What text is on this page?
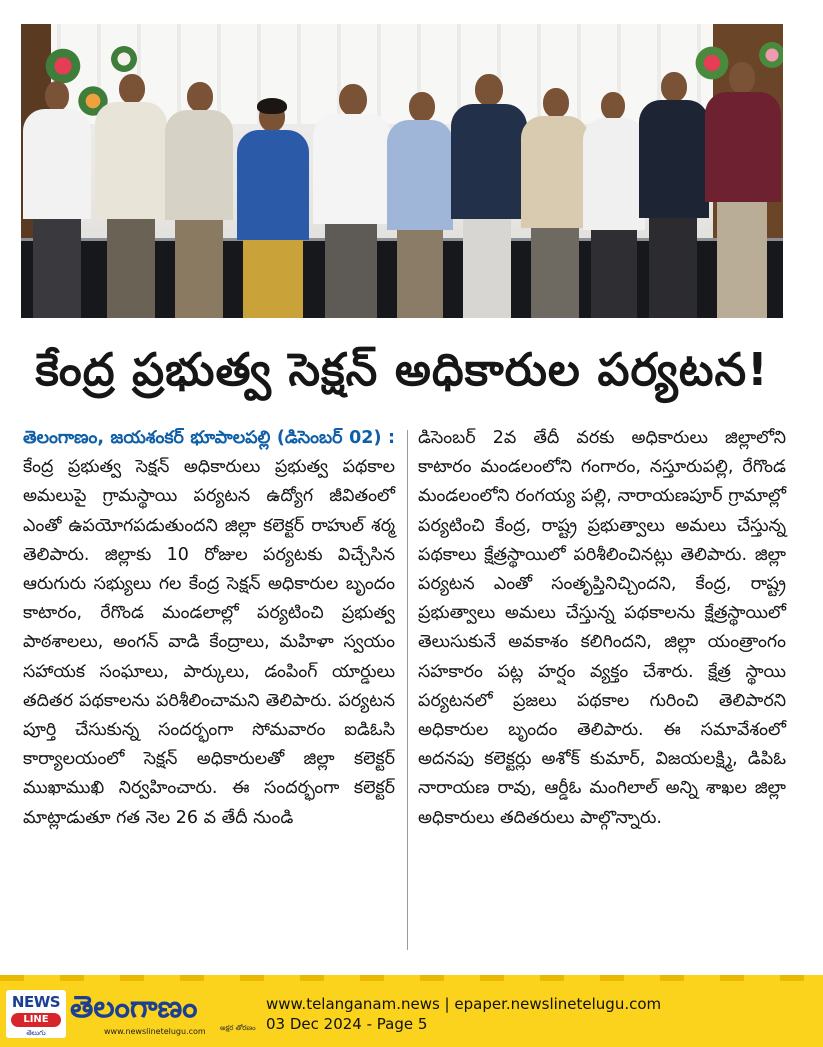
కేంద్ర ప్రభుత్వ సెక్షన్ అధికారుల పర్యటన!

తెలంగాణం, జయశంకర్ భూపాలపల్లి (డిసెంబర్ 02) : కేంద్ర ప్రభుత్వ సెక్షన్ అధికారులు ప్రభుత్వ పథకాల అమలుపై గ్రామస్థాయి పర్యటన ఉద్యోగ జీవితంలో ఎంతో ఉపయోగపడుతుందని జిల్లా కలెక్టర్ రాహుల్ శర్మ తెలిపారు. జిల్లాకు 10 రోజుల పర్యటకు విచ్చేసిన ఆరుగురు సభ్యులు గల కేంద్ర సెక్షన్ అధికారుల బృందం కాటారం, రేగొండ మండలాల్లో పర్యటించి ప్రభుత్వ పాఠశాలలు, అంగన్ వాడి కేంద్రాలు, మహిళా స్వయం సహాయక సంఘాలు, పార్కులు, డంపింగ్ యార్డులు తదితర పథకాలను పరిశీలించామని తెలిపారు. పర్యటన పూర్తి చేసుకున్న సందర్భంగా సోమవారం ఐడిఓసి కార్యాలయంలో సెక్షన్ అధికారులతో జిల్లా కలెక్టర్ ముఖాముఖి నిర్వహించారు. ఈ సందర్భంగా కలెక్టర్ మాట్లాడుతూ గత నెల 26 వ తేదీ నుండి

డిసెంబర్ 2వ తేదీ వరకు అధికారులు జిల్లాలోని కాటారం మండలంలోని గంగారం, నస్తూరుపల్లి, రేగొండ మండలంలోని రంగయ్య పల్లి, నారాయణపూర్ గ్రామాల్లో పర్యటించి కేంద్ర, రాష్ట్ర ప్రభుత్వాలు అమలు చేస్తున్న పథకాలు క్షేత్రస్థాయిలో పరిశీలించినట్లు తెలిపారు. జిల్లా పర్యటన ఎంతో సంతృప్తినిచ్చిందని, కేంద్ర, రాష్ట్ర ప్రభుత్వాలు అమలు చేస్తున్న పథకాలను క్షేత్రస్థాయిలో తెలుసుకునే అవకాశం కలిగిందని, జిల్లా యంత్రాంగం సహకారం పట్ల హర్షం వ్యక్తం చేశారు. క్షేత్ర స్థాయి పర్యటనలో ప్రజలు పథకాల గురించి తెలిపారని అధికారుల బృందం తెలిపారు. ఈ సమావేశంలో అదనపు కలెక్టర్లు అశోక్ కుమార్, విజయలక్ష్మి, డిపిఓ నారాయణ రావు, ఆర్డీఓ మంగిలాల్ అన్ని శాఖల జిల్లా అధికారులు తదితరులు పాల్గొన్నారు.

NEWS
LINE
తెలుగు
తెలంగాణం
www.newslinetelugu.com అక్షర తోరణం
www.telanganam.news | epaper.newslinetelugu.com
03 Dec 2024 - Page 5
